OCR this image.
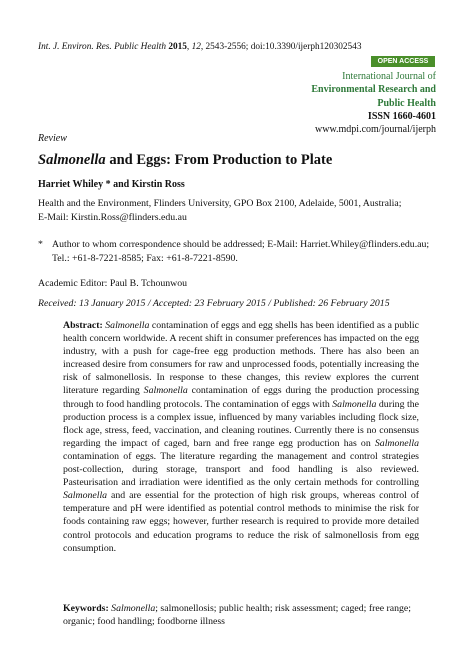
Int. J. Environ. Res. Public Health 2015, 12, 2543-2556; doi:10.3390/ijerph120302543
OPEN ACCESS
International Journal of
Environmental Research and
Public Health
ISSN 1660-4601
www.mdpi.com/journal/ijerph
Review
Salmonella and Eggs: From Production to Plate
Harriet Whiley * and Kirstin Ross
Health and the Environment, Flinders University, GPO Box 2100, Adelaide, 5001, Australia;
E-Mail: Kirstin.Ross@flinders.edu.au
* Author to whom correspondence should be addressed; E-Mail: Harriet.Whiley@flinders.edu.au;
Tel.: +61-8-7221-8585; Fax: +61-8-7221-8590.
Academic Editor: Paul B. Tchounwou
Received: 13 January 2015 / Accepted: 23 February 2015 / Published: 26 February 2015
Abstract: Salmonella contamination of eggs and egg shells has been identified as a public health concern worldwide. A recent shift in consumer preferences has impacted on the egg industry, with a push for cage-free egg production methods. There has also been an increased desire from consumers for raw and unprocessed foods, potentially increasing the risk of salmonellosis. In response to these changes, this review explores the current literature regarding Salmonella contamination of eggs during the production processing through to food handling protocols. The contamination of eggs with Salmonella during the production process is a complex issue, influenced by many variables including flock size, flock age, stress, feed, vaccination, and cleaning routines. Currently there is no consensus regarding the impact of caged, barn and free range egg production has on Salmonella contamination of eggs. The literature regarding the management and control strategies post-collection, during storage, transport and food handling is also reviewed. Pasteurisation and irradiation were identified as the only certain methods for controlling Salmonella and are essential for the protection of high risk groups, whereas control of temperature and pH were identified as potential control methods to minimise the risk for foods containing raw eggs; however, further research is required to provide more detailed control protocols and education programs to reduce the risk of salmonellosis from egg consumption.
Keywords: Salmonella; salmonellosis; public health; risk assessment; caged; free range; organic; food handling; foodborne illness
